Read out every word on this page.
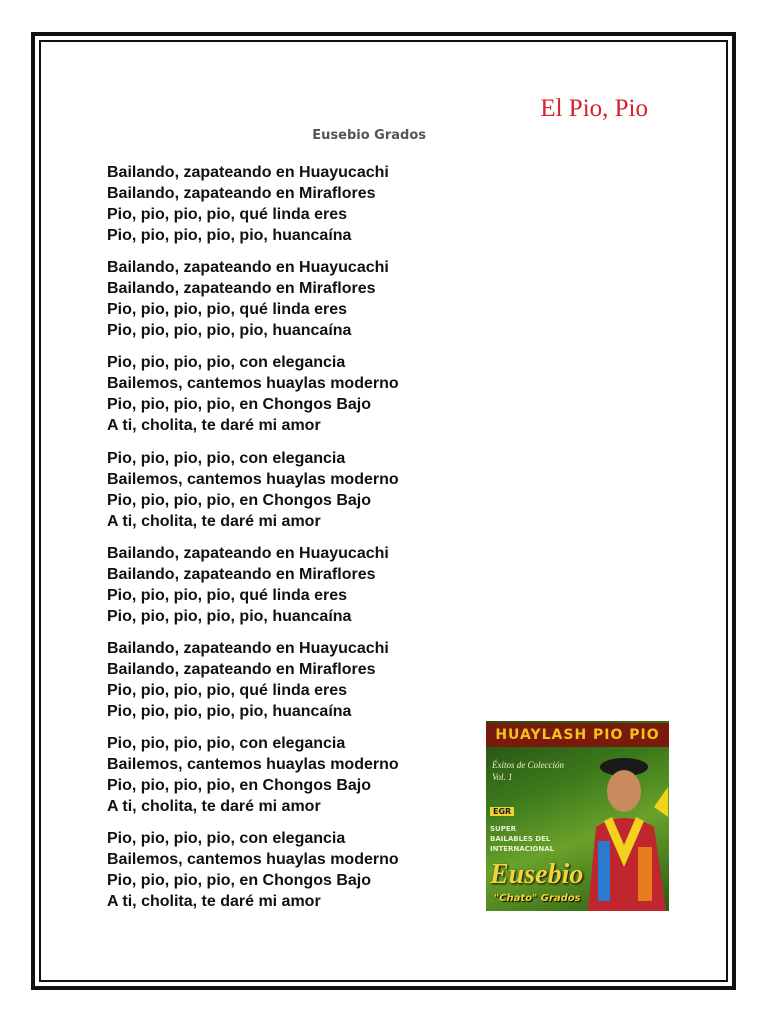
El Pio, Pio
Eusebio Grados
Bailando, zapateando en Huayucachi
Bailando, zapateando en Miraflores
Pio, pio, pio, pio, qué linda eres
Pio, pio, pio, pio, pio, huancaína
Bailando, zapateando en Huayucachi
Bailando, zapateando en Miraflores
Pio, pio, pio, pio, qué linda eres
Pio, pio, pio, pio, pio, huancaína
Pio, pio, pio, pio, con elegancia
Bailemos, cantemos huaylas moderno
Pio, pio, pio, pio, en Chongos Bajo
A ti, cholita, te daré mi amor
Pio, pio, pio, pio, con elegancia
Bailemos, cantemos huaylas moderno
Pio, pio, pio, pio, en Chongos Bajo
A ti, cholita, te daré mi amor
Bailando, zapateando en Huayucachi
Bailando, zapateando en Miraflores
Pio, pio, pio, pio, qué linda eres
Pio, pio, pio, pio, pio, huancaína
Bailando, zapateando en Huayucachi
Bailando, zapateando en Miraflores
Pio, pio, pio, pio, qué linda eres
Pio, pio, pio, pio, pio, huancaína
Pio, pio, pio, pio, con elegancia
Bailemos, cantemos huaylas moderno
Pio, pio, pio, pio, en Chongos Bajo
A ti, cholita, te daré mi amor
Pio, pio, pio, pio, con elegancia
Bailemos, cantemos huaylas moderno
Pio, pio, pio, pio, en Chongos Bajo
A ti, cholita, te daré mi amor
HUAYLASH PIO PIO
Éxitos de Colección
Vol. 1
EGR
SUPER
BAILABLES DEL
INTERNACIONAL
Eusebio
"Chato" Grados
